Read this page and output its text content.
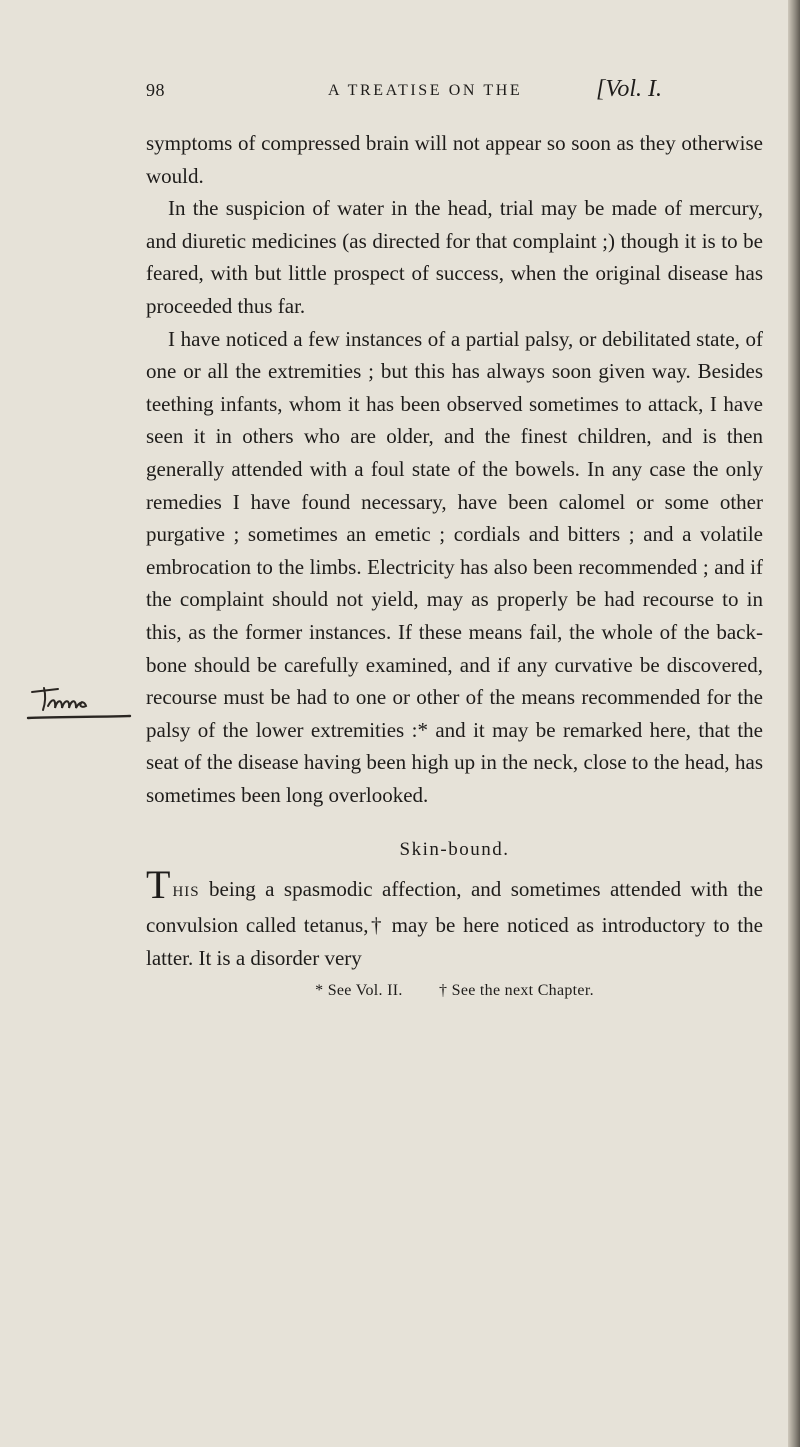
98	A TREATISE ON THE	[Vol. I.

symptoms of compressed brain will not appear so soon as they otherwise would.

In the suspicion of water in the head, trial may be made of mercury, and diuretic medicines (as directed for that complaint ;) though it is to be feared, with but little prospect of success, when the original disease has proceeded thus far.

I have noticed a few instances of a partial palsy, or debilitated state, of one or all the extremities ; but this has always soon given way. Besides teething infants, whom it has been observed sometimes to attack, I have seen it in others who are older, and the finest children, and is then generally attended with a foul state of the bowels. In any case the only remedies I have found necessary, have been calomel or some other purgative ; sometimes an emetic ; cordials and bitters ; and a volatile embrocation to the limbs. Electricity has also been recommended ; and if the complaint should not yield, may as properly be had recourse to in this, as the former instances. If these means fail, the whole of the back-bone should be carefully examined, and if any curvative be discovered, recourse must be had to one or other of the means recommended for the palsy of the lower extremities :* and it may be remarked here, that the seat of the disease having been high up in the neck, close to the head, has sometimes been long overlooked.

Skin-bound.

THIS being a spasmodic affection, and sometimes attended with the convulsion called tetanus,† may be here noticed as introductory to the latter. It is a disorder very

* See Vol. II. † See the next Chapter.
